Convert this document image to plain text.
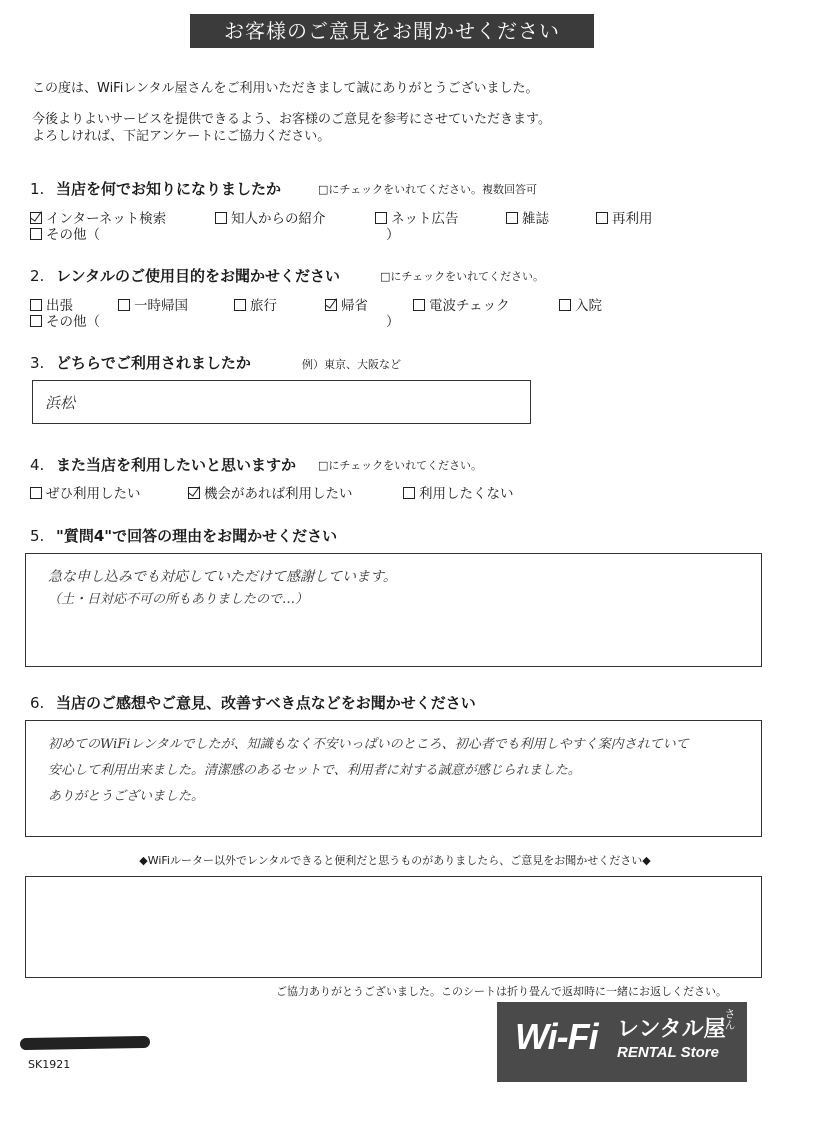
お客様のご意見をお聞かせください
この度は、WiFiレンタル屋さんをご利用いただきまして誠にありがとうございました。
今後よりよいサービスを提供できるよう、お客様のご意見を参考にさせていただきます。
よろしければ、下記アンケートにご協力ください。
1. 当店を何でお知りになりましたか	□にチェックをいれてください。複数回答可
インターネット検索	知人からの紹介	ネット広告	雑誌	再利用
その他（	）
2. レンタルのご使用目的をお聞かせください	□にチェックをいれてください。
出張	一時帰国	旅行	帰省	電波チェック	入院
その他（	）
3. どちらでご利用されましたか	例）東京、大阪など
浜松
4. また当店を利用したいと思いますか □にチェックをいれてください。
ぜひ利用したい	機会があれば利用したい	利用したくない
5. "質問4"で回答の理由をお聞かせください
急な申し込みでも対応していただけて感謝しています。
（土・日対応不可の所もありましたので…）
6. 当店のご感想やご意見、改善すべき点などをお聞かせください
初めてのWiFiレンタルでしたが、知識もなく不安いっぱいのところ、初心者でも利用しやすく案内されていて
安心して利用出来ました。清潔感のあるセットで、利用者に対する誠意が感じられました。
ありがとうございました。
◆WiFiルーター以外でレンタルできると便利だと思うものがありましたら、ご意見をお聞かせください◆
ご協力ありがとうございました。このシートは折り畳んで返却時に一緒にお返しください。
SK1921
Wi-Fi レンタル屋
さん
RENTAL Store
